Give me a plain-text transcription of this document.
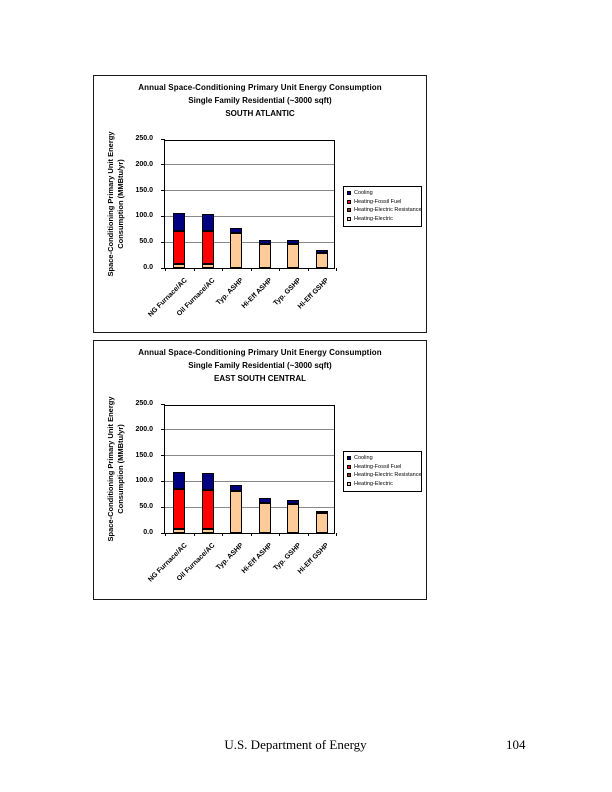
Annual Space-Conditioning Primary Unit Energy Consumption
Single Family Residential (~3000 sqft)
SOUTH ATLANTIC
Space-Conditioning Primary Unit Energy Consumption (MMBtu/yr)
NG Furnace/AC
Oil Furnace/AC
Typ. ASHP
Hi-Eff ASHP
Typ. GSHP
Hi-Eff GSHP
0.0
50.0
100.0
150.0
200.0
250.0
Cooling
Heating-Fossil Fuel
Heating-Electric Resistance
Heating-Electric
Annual Space-Conditioning Primary Unit Energy Consumption
Single Family Residential (~3000 sqft)
EAST SOUTH CENTRAL
Space-Conditioning Primary Unit Energy Consumption (MMBtu/yr)
NG Furnace/AC
Oil Furnace/AC
Typ. ASHP
Hi-Eff ASHP
Typ. GSHP
Hi-Eff GSHP
0.0
50.0
100.0
150.0
200.0
250.0
Cooling
Heating-Fossil Fuel
Heating-Electric Resistance
Heating-Electric
U.S. Department of Energy	104
